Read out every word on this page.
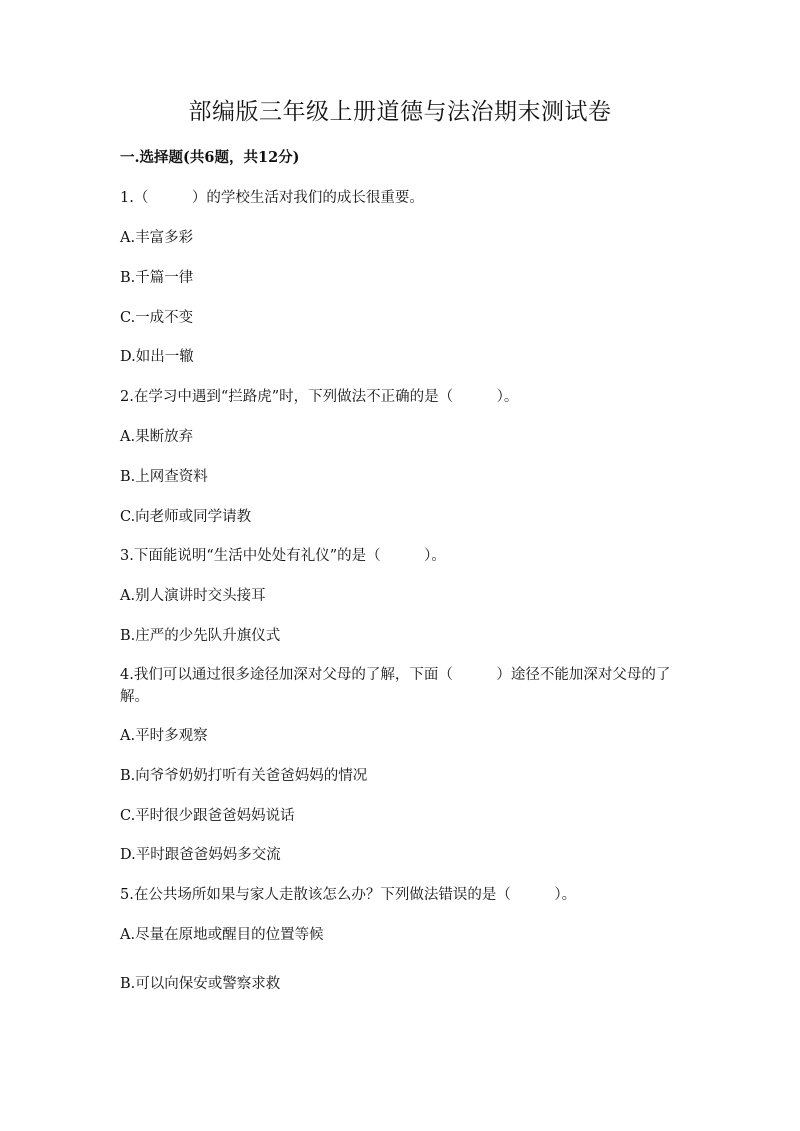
部编版三年级上册道德与法治期末测试卷
一.选择题(共6题，共12分)
1.（　　　）的学校生活对我们的成长很重要。
A.丰富多彩
B.千篇一律
C.一成不变
D.如出一辙
2.在学习中遇到“拦路虎”时，下列做法不正确的是（　　　）。
A.果断放弃
B.上网查资料
C.向老师或同学请教
3.下面能说明“生活中处处有礼仪”的是（　　　）。
A.别人演讲时交头接耳
B.庄严的少先队升旗仪式
4.我们可以通过很多途径加深对父母的了解，下面（　　　）途径不能加深对父母的了解。
A.平时多观察
B.向爷爷奶奶打听有关爸爸妈妈的情况
C.平时很少跟爸爸妈妈说话
D.平时跟爸爸妈妈多交流
5.在公共场所如果与家人走散该怎么办？下列做法错误的是（　　　）。
A.尽量在原地或醒目的位置等候
B.可以向保安或警察求救
